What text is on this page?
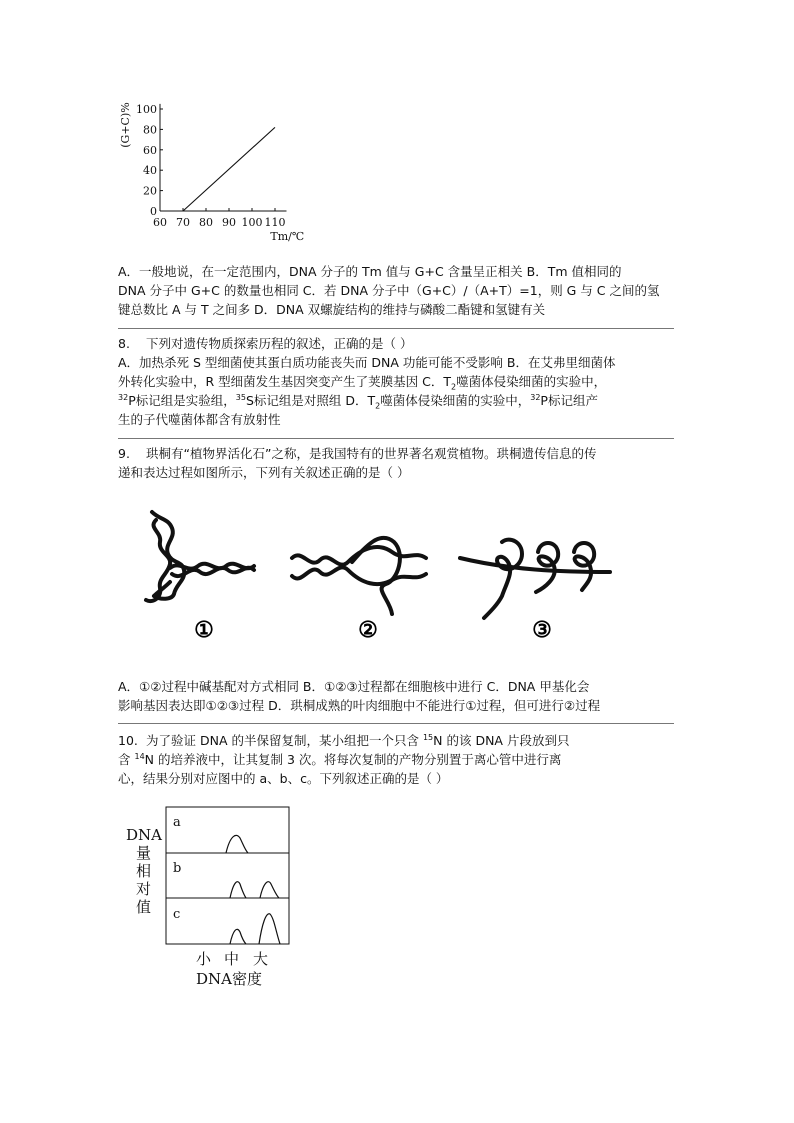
0
20
40
60
80
100
60 70 80 90 100 110
(G+C)%
Tm/℃
A．一般地说，在一定范围内，DNA 分子的 Tm 值与 G+C 含量呈正相关 B．Tm 值相同的
DNA 分子中 G+C 的数量也相同 C．若 DNA 分子中（G+C）/（A+T）=1，则 G 与 C 之间的氢
键总数比 A 与 T 之间多 D．DNA 双螺旋结构的维持与磷酸二酯键和氢键有关
8. 下列对遗传物质探索历程的叙述，正确的是（ ）
A．加热杀死 S 型细菌使其蛋白质功能丧失而 DNA 功能可能不受影响 B．在艾弗里细菌体
外转化实验中，R 型细菌发生基因突变产生了荚膜基因 C．$T_2$噬菌体侵染细菌的实验中，
$^{32}$P标记组是实验组，$^{35}$S标记组是对照组 D．$T_2$噬菌体侵染细菌的实验中，$^{32}$P标记组产
生的子代噬菌体都含有放射性
9. 珙桐有“植物界活化石”之称，是我国特有的世界著名观赏植物。珙桐遗传信息的传
递和表达过程如图所示，下列有关叙述正确的是（ ）
①	②	③
A．①②过程中碱基配对方式相同 B．①②③过程都在细胞核中进行 C．DNA 甲基化会
影响基因表达即①②③过程 D．珙桐成熟的叶肉细胞中不能进行①过程，但可进行②过程
10. 为了验证 DNA 的半保留复制，某小组把一个只含 $^{15}$N 的该 DNA 片段放到只
含 $^{14}$N 的培养液中，让其复制 3 次。将每次复制的产物分别置于离心管中进行离
心，结果分别对应图中的 a、b、c。下列叙述正确的是（ ）
DNA
量
相
对
值
a
b
c
小 中 大
DNA密度
